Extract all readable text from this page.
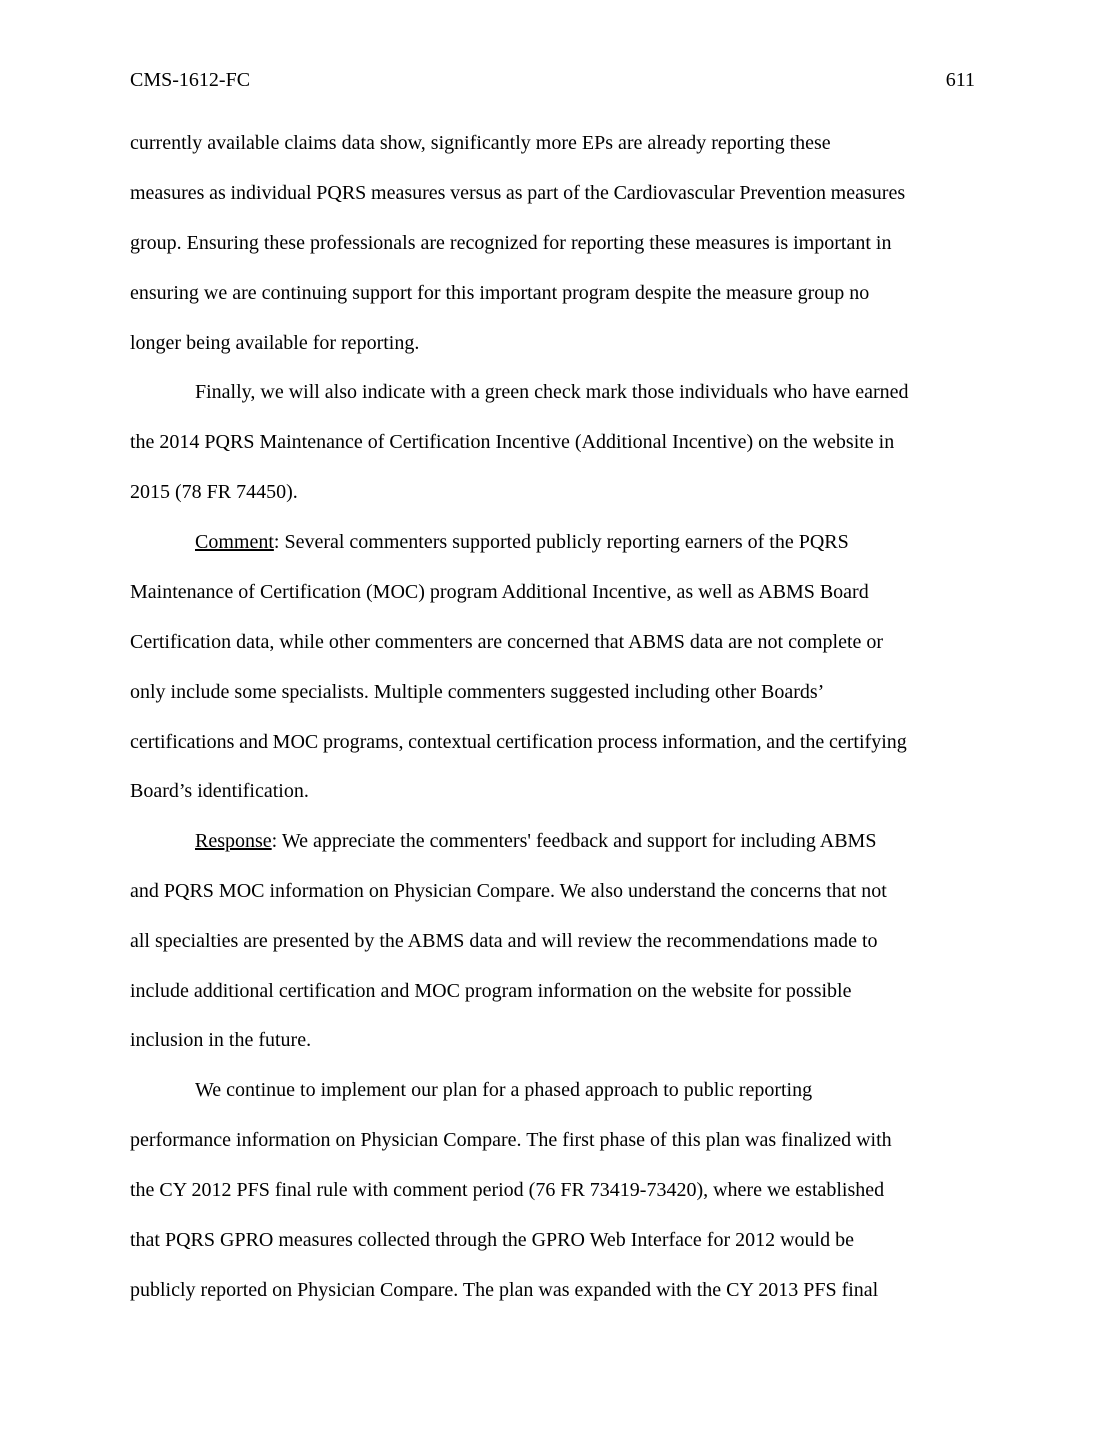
CMS-1612-FC	611
currently available claims data show, significantly more EPs are already reporting these
measures as individual PQRS measures versus as part of the Cardiovascular Prevention measures
group. Ensuring these professionals are recognized for reporting these measures is important in
ensuring we are continuing support for this important program despite the measure group no
longer being available for reporting.
Finally, we will also indicate with a green check mark those individuals who have earned
the 2014 PQRS Maintenance of Certification Incentive (Additional Incentive) on the website in
2015 (78 FR 74450).
Comment: Several commenters supported publicly reporting earners of the PQRS
Maintenance of Certification (MOC) program Additional Incentive, as well as ABMS Board
Certification data, while other commenters are concerned that ABMS data are not complete or
only include some specialists. Multiple commenters suggested including other Boards’
certifications and MOC programs, contextual certification process information, and the certifying
Board’s identification.
Response: We appreciate the commenters' feedback and support for including ABMS
and PQRS MOC information on Physician Compare. We also understand the concerns that not
all specialties are presented by the ABMS data and will review the recommendations made to
include additional certification and MOC program information on the website for possible
inclusion in the future.
We continue to implement our plan for a phased approach to public reporting
performance information on Physician Compare. The first phase of this plan was finalized with
the CY 2012 PFS final rule with comment period (76 FR 73419-73420), where we established
that PQRS GPRO measures collected through the GPRO Web Interface for 2012 would be
publicly reported on Physician Compare. The plan was expanded with the CY 2013 PFS final
